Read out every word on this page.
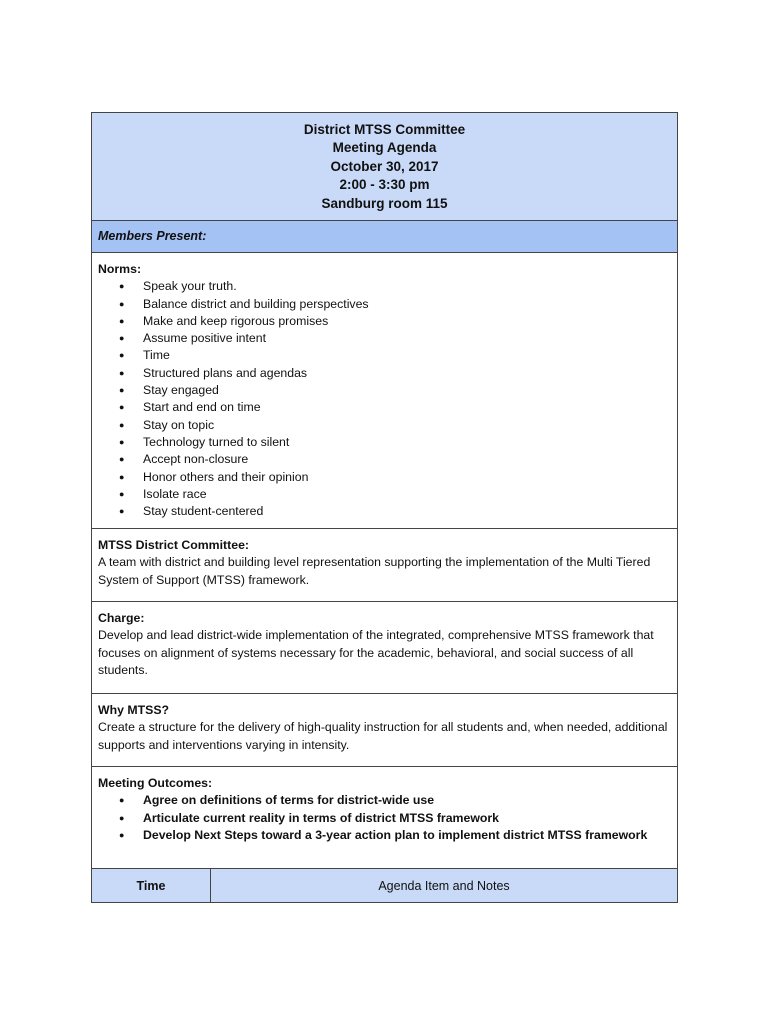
District MTSS Committee
Meeting Agenda
October 30, 2017
2:00 - 3:30 pm
Sandburg room 115
Members Present:
Norms:
● Speak your truth.
● Balance district and building perspectives
● Make and keep rigorous promises
● Assume positive intent
● Time
● Structured plans and agendas
● Stay engaged
● Start and end on time
● Stay on topic
● Technology turned to silent
● Accept non-closure
● Honor others and their opinion
● Isolate race
● Stay student-centered
MTSS District Committee:

A team with district and building level representation supporting the implementation of the Multi Tiered System of Support (MTSS) framework.

Charge:

Develop and lead district-wide implementation of the integrated, comprehensive MTSS framework that focuses on alignment of systems necessary for the academic, behavioral, and social success of all students.

Why MTSS?

Create a structure for the delivery of high-quality instruction for all students and, when needed, additional supports and interventions varying in intensity.

Meeting Outcomes:
● Agree on definitions of terms for district-wide use
● Articulate current reality in terms of district MTSS framework
● Develop Next Steps toward a 3-year action plan to implement district MTSS framework
Time	Agenda Item and Notes
